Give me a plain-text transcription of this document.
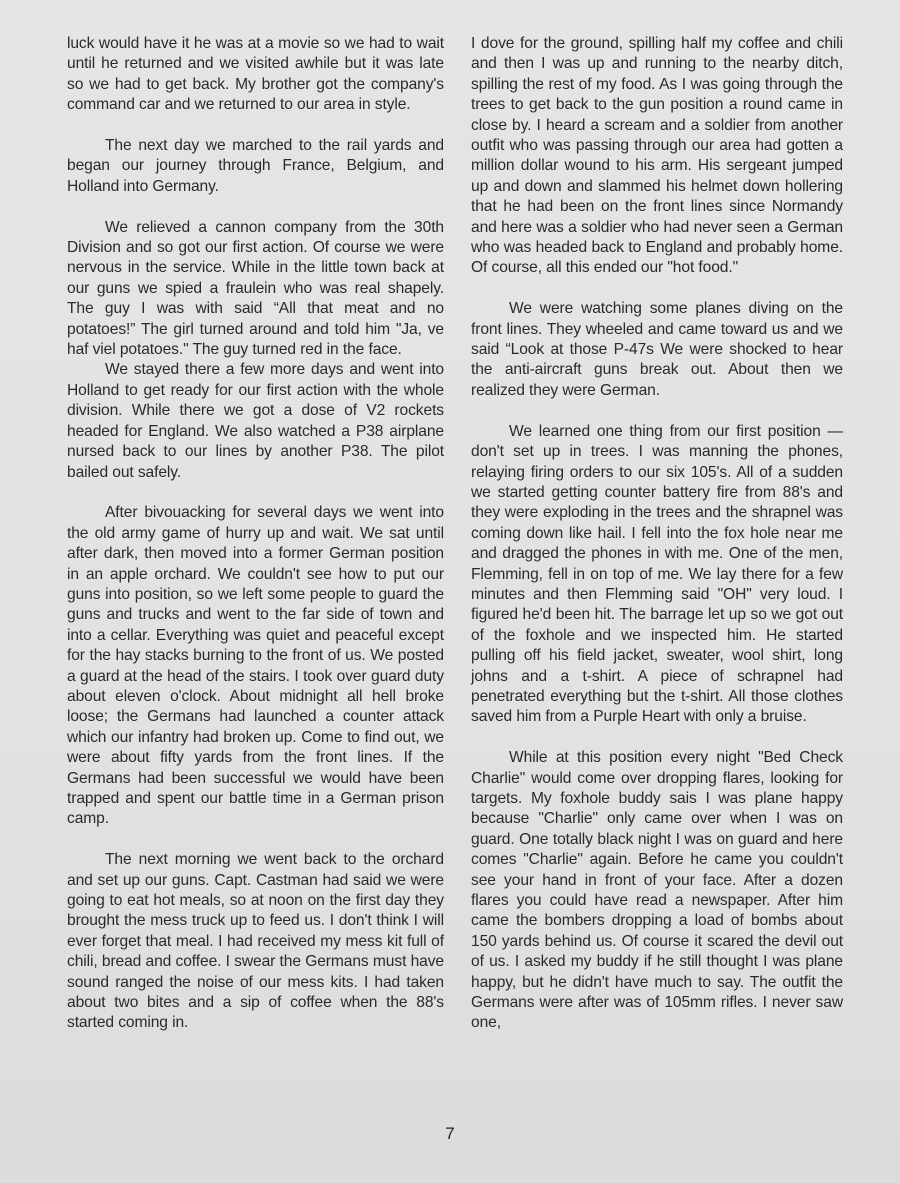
luck would have it he was at a movie so we had to wait until he returned and we visited awhile but it was late so we had to get back. My brother got the company's command car and we returned to our area in style.

The next day we marched to the rail yards and began our journey through France, Belgium, and Holland into Germany.

We relieved a cannon company from the 30th Division and so got our first action. Of course we were nervous in the service. While in the little town back at our guns we spied a fraulein who was real shapely. The guy I was with said “All that meat and no potatoes!” The girl turned around and told him "Ja, ve haf viel potatoes." The guy turned red in the face.

We stayed there a few more days and went into Holland to get ready for our first action with the whole division. While there we got a dose of V2 rockets headed for England. We also watched a P38 airplane nursed back to our lines by another P38. The pilot bailed out safely.

After bivouacking for several days we went into the old army game of hurry up and wait. We sat until after dark, then moved into a former German position in an apple orchard. We couldn't see how to put our guns into position, so we left some people to guard the guns and trucks and went to the far side of town and into a cellar. Everything was quiet and peaceful except for the hay stacks burning to the front of us. We posted a guard at the head of the stairs. I took over guard duty about eleven o'clock. About midnight all hell broke loose; the Germans had launched a counter attack which our infantry had broken up. Come to find out, we were about fifty yards from the front lines. If the Germans had been successful we would have been trapped and spent our battle time in a German prison camp.

The next morning we went back to the orchard and set up our guns. Capt. Castman had said we were going to eat hot meals, so at noon on the first day they brought the mess truck up to feed us. I don't think I will ever forget that meal. I had received my mess kit full of chili, bread and coffee. I swear the Germans must have sound ranged the noise of our mess kits. I had taken about two bites and a sip of coffee when the 88's started coming in.

I dove for the ground, spilling half my coffee and chili and then I was up and running to the nearby ditch, spilling the rest of my food. As I was going through the trees to get back to the gun position a round came in close by. I heard a scream and a soldier from another outfit who was passing through our area had gotten a million dollar wound to his arm. His sergeant jumped up and down and slammed his helmet down hollering that he had been on the front lines since Normandy and here was a soldier who had never seen a German who was headed back to England and probably home. Of course, all this ended our "hot food."

We were watching some planes diving on the front lines. They wheeled and came toward us and we said “Look at those P-47s We were shocked to hear the anti-aircraft guns break out. About then we realized they were German.

We learned one thing from our first position — don't set up in trees. I was manning the phones, relaying firing orders to our six 105's. All of a sudden we started getting counter battery fire from 88's and they were exploding in the trees and the shrapnel was coming down like hail. I fell into the fox hole near me and dragged the phones in with me. One of the men, Flemming, fell in on top of me. We lay there for a few minutes and then Flemming said "OH" very loud. I figured he'd been hit. The barrage let up so we got out of the foxhole and we inspected him. He started pulling off his field jacket, sweater, wool shirt, long johns and a t-shirt. A piece of schrapnel had penetrated everything but the t-shirt. All those clothes saved him from a Purple Heart with only a bruise.

While at this position every night "Bed Check Charlie" would come over dropping flares, looking for targets. My foxhole buddy sais I was plane happy because "Charlie" only came over when I was on guard. One totally black night I was on guard and here comes "Charlie" again. Before he came you couldn't see your hand in front of your face. After a dozen flares you could have read a newspaper. After him came the bombers dropping a load of bombs about 150 yards behind us. Of course it scared the devil out of us. I asked my buddy if he still thought I was plane happy, but he didn't have much to say. The outfit the Germans were after was of 105mm rifles. I never saw one,

7
